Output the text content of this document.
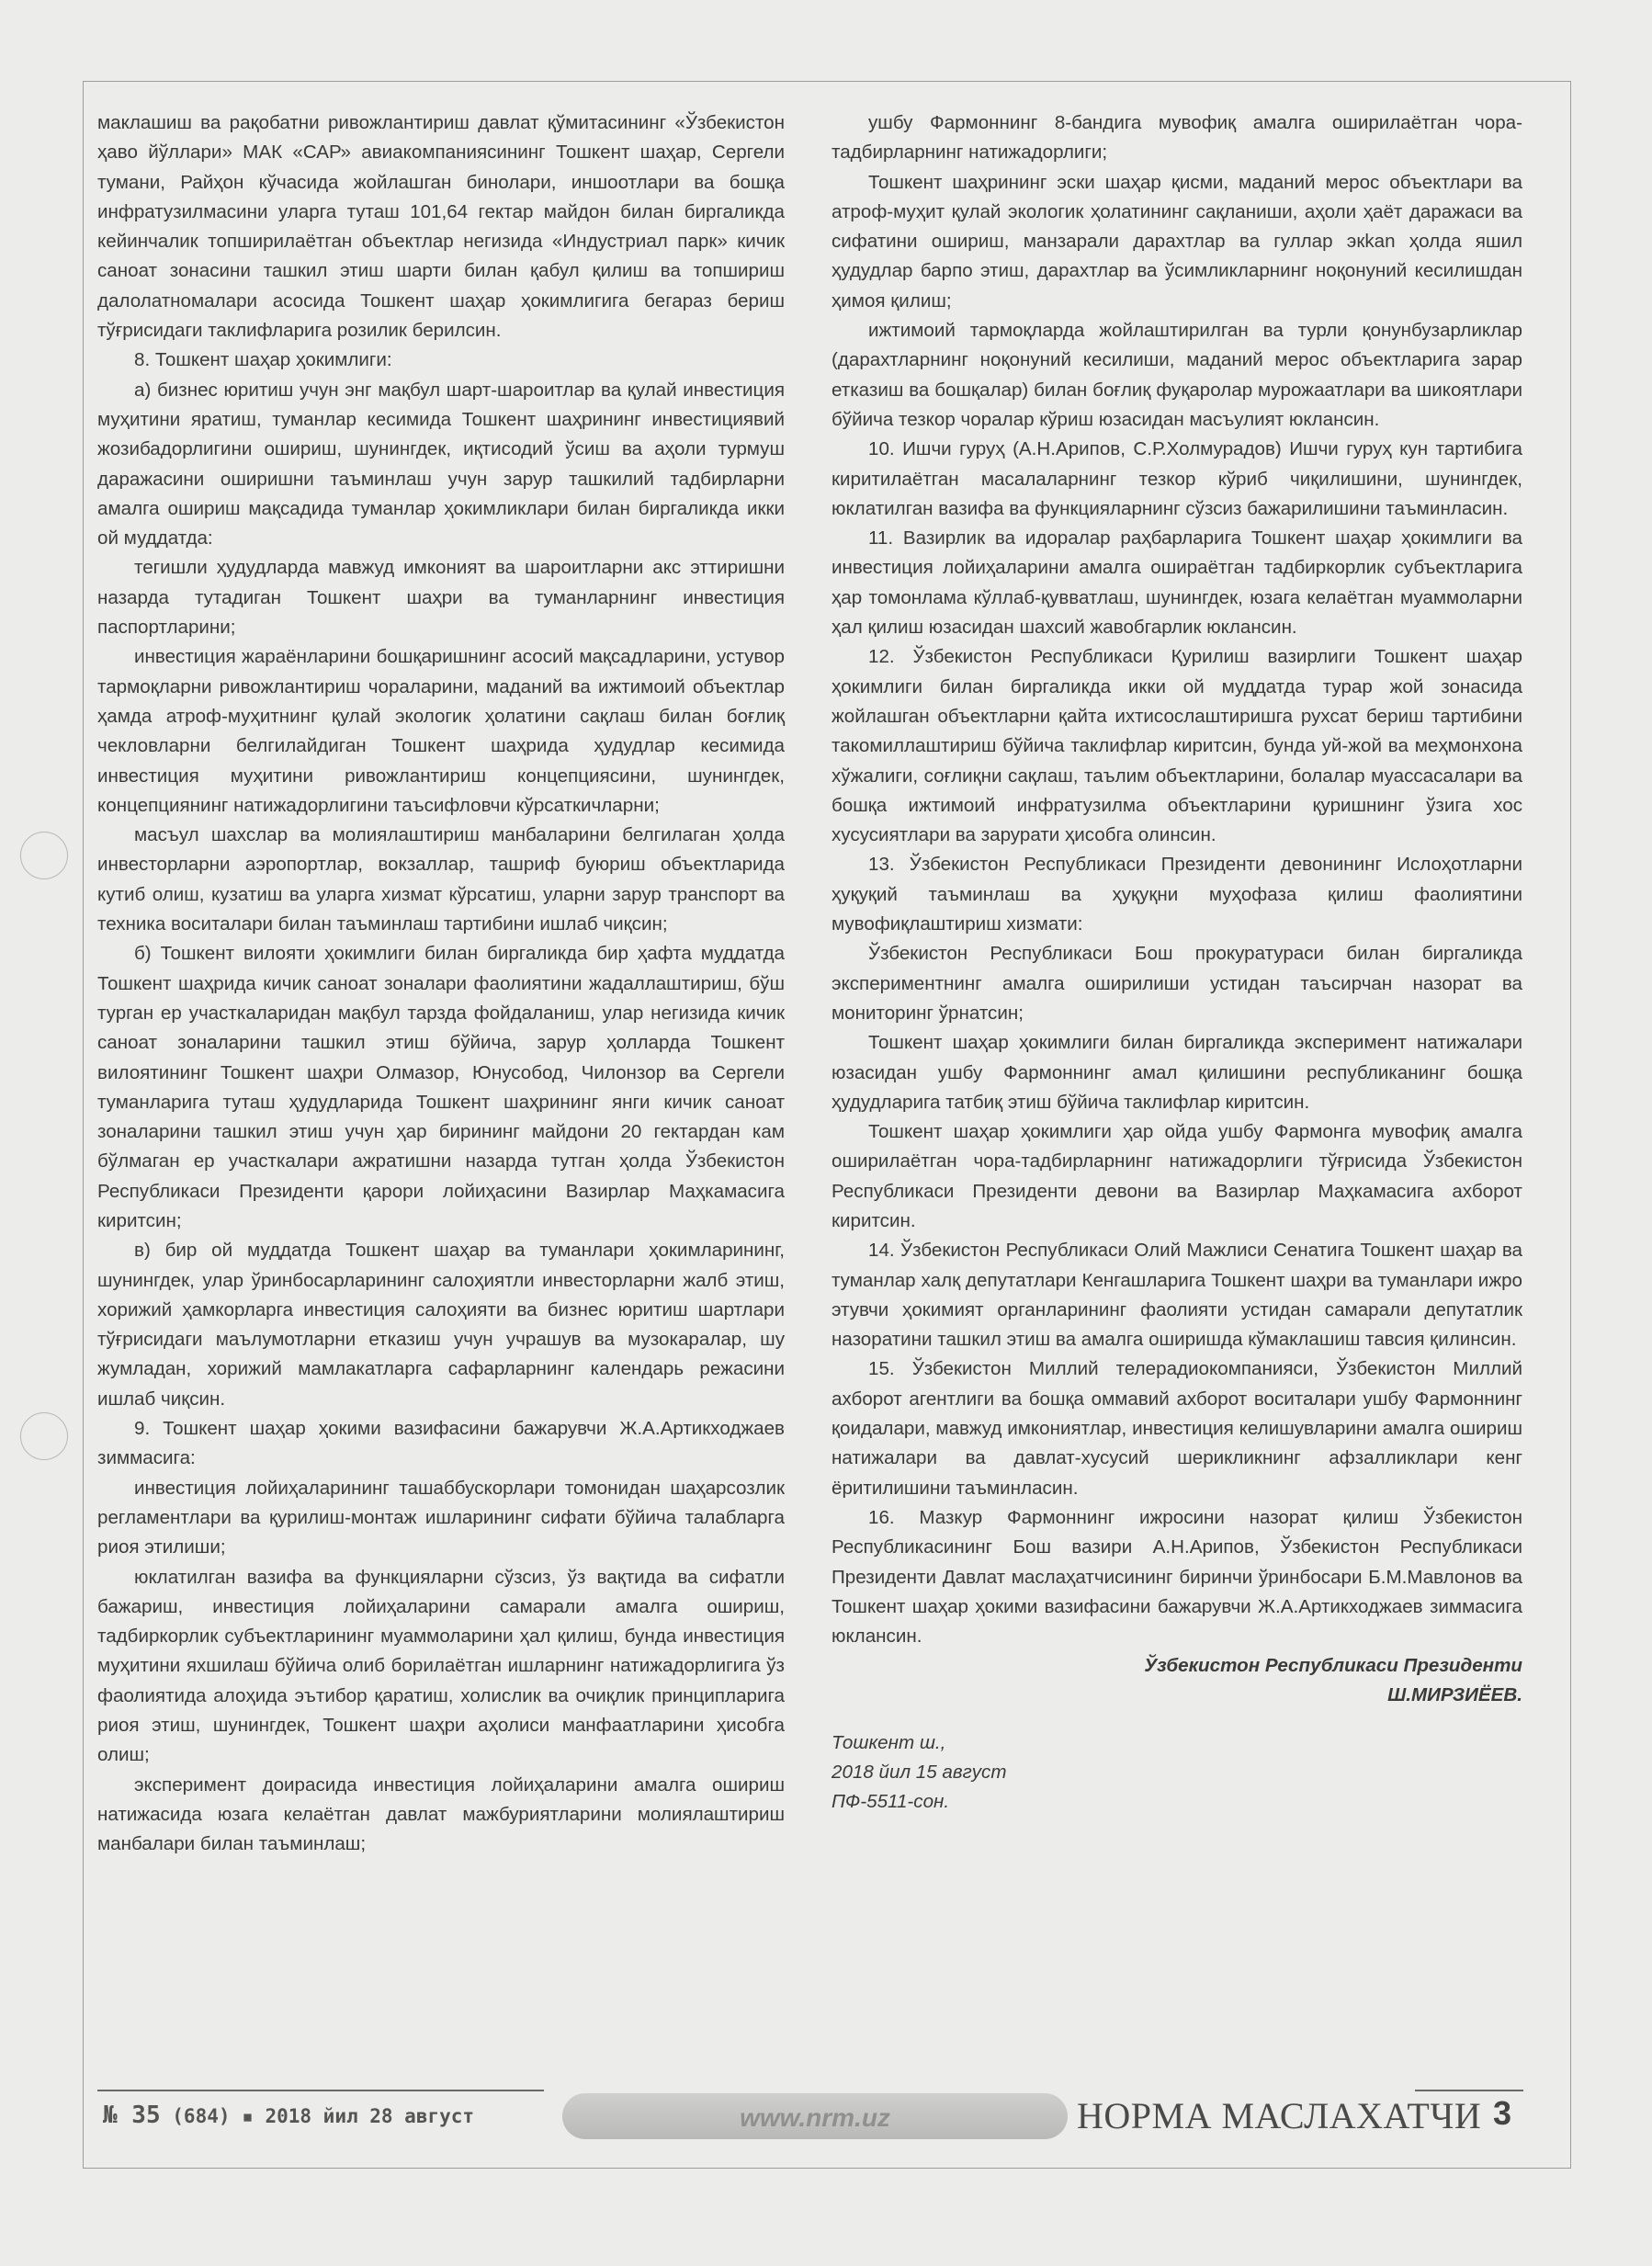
маклашиш ва рақобатни ривожлантириш давлат қўмитасининг «Ўзбекистон ҳаво йўллари» МАК «САР» авиакомпаниясининг Тошкент шаҳар, Сергели тумани, Райҳон кўчасида жойлашган бинолари, иншоотлари ва бошқа инфратузилмасини уларга туташ 101,64 гектар майдон билан биргаликда кейинчалик топширилаётган объектлар негизида «Индустриал парк» кичик саноат зонасини ташкил этиш шарти билан қабул қилиш ва топшириш далолатномалари асосида Тошкент шаҳар ҳокимлигига бегараз бериш тўғрисидаги таклифларига розилик берилсин.

8. Тошкент шаҳар ҳокимлиги:

а) бизнес юритиш учун энг мақбул шарт-шароитлар ва қулай инвестиция муҳитини яратиш, туманлар кесимида Тошкент шаҳрининг инвестициявий жозибадорлигини ошириш, шунингдек, иқтисодий ўсиш ва аҳоли турмуш даражасини оширишни таъминлаш учун зарур ташкилий тадбирларни амалга ошириш мақсадида туманлар ҳокимликлари билан биргаликда икки ой муддатда:

тегишли ҳудудларда мавжуд имконият ва шароитларни акс эттиришни назарда тутадиган Тошкент шаҳри ва туманларнинг инвестиция паспортларини;

инвестиция жараёнларини бошқаришнинг асосий мақсадларини, устувор тармоқларни ривожлантириш чораларини, маданий ва ижтимоий объектлар ҳамда атроф-муҳитнинг қулай экологик ҳолатини сақлаш билан боғлиқ чекловларни белгилайдиган Тошкент шаҳрида ҳудудлар кесимида инвестиция муҳитини ривожлантириш концепциясини, шунингдек, концепциянинг натижадорлигини таъсифловчи кўрсаткичларни;

масъул шахслар ва молиялаштириш манбаларини белгилаган ҳолда инвесторларни аэропортлар, вокзаллар, ташриф буюриш объектларида кутиб олиш, кузатиш ва уларга хизмат кўрсатиш, уларни зарур транспорт ва техника воситалари билан таъминлаш тартибини ишлаб чиқсин;

б) Тошкент вилояти ҳокимлиги билан биргаликда бир ҳафта муддатда Тошкент шаҳрида кичик саноат зоналари фаолиятини жадаллаштириш, бўш турган ер участкаларидан мақбул тарзда фойдаланиш, улар негизида кичик саноат зоналарини ташкил этиш бўйича, зарур ҳолларда Тошкент вилоятининг Тошкент шаҳри Олмазор, Юнусобод, Чилонзор ва Сергели туманларига туташ ҳудудларида Тошкент шаҳрининг янги кичик саноат зоналарини ташкил этиш учун ҳар бирининг майдони 20 гектардан кам бўлмаган ер участкалари ажратишни назарда тутган ҳолда Ўзбекистон Республикаси Президенти қарори лойиҳасини Вазирлар Маҳкамасига киритсин;

в) бир ой муддатда Тошкент шаҳар ва туманлари ҳокимларининг, шунингдек, улар ўринбосарларининг салоҳиятли инвесторларни жалб этиш, хорижий ҳамкорларга инвестиция салоҳияти ва бизнес юритиш шартлари тўғрисидаги маълумотларни етказиш учун учрашув ва музокаралар, шу жумладан, хорижий мамлакатларга сафарларнинг календарь режасини ишлаб чиқсин.

9. Тошкент шаҳар ҳокими вазифасини бажарувчи Ж.А.Артикходжаев зиммасига:

инвестиция лойиҳаларининг ташаббускорлари томонидан шаҳарсозлик регламентлари ва қурилиш-монтаж ишларининг сифати бўйича талабларга риоя этилиши;

юклатилган вазифа ва функцияларни сўзсиз, ўз вақтида ва сифатли бажариш, инвестиция лойиҳаларини самарали амалга ошириш, тадбиркорлик субъектларининг муаммоларини ҳал қилиш, бунда инвестиция муҳитини яхшилаш бўйича олиб борилаётган ишларнинг натижадорлигига ўз фаолиятида алоҳида эътибор қаратиш, холислик ва очиқлик принципларига риоя этиш, шунингдек, Тошкент шаҳри аҳолиси манфаатларини ҳисобга олиш;

эксперимент доирасида инвестиция лойиҳаларини амалга ошириш натижасида юзага келаётган давлат мажбуриятларини молиялаштириш манбалари билан таъминлаш;

ушбу Фармоннинг 8-бандига мувофиқ амалга оширилаётган чора-тадбирларнинг натижадорлиги;

Тошкент шаҳрининг эски шаҳар қисми, маданий мерос объектлари ва атроф-муҳит қулай экологик ҳолатининг сақланиши, аҳоли ҳаёт даражаси ва сифатини ошириш, манзарали дарахтлар ва гуллар экkan ҳолда яшил ҳудудлар барпо этиш, дарахтлар ва ўсимликларнинг ноқонуний кесилишдан ҳимоя қилиш;

ижтимоий тармоқларда жойлаштирилган ва турли қонунбузарликлар (дарахтларнинг ноқонуний кесилиши, маданий мерос объектларига зарар етказиш ва бошқалар) билан боғлиқ фуқаролар мурожаатлари ва шикоятлари бўйича тезкор чоралар кўриш юзасидан масъулият юклансин.

10. Ишчи гуруҳ (А.Н.Арипов, С.Р.Холмурадов) Ишчи гуруҳ кун тартибига киритилаётган масалаларнинг тезкор кўриб чиқилишини, шунингдек, юклатилган вазифа ва функцияларнинг сўзсиз бажарилишини таъминласин.

11. Вазирлик ва идоралар раҳбарларига Тошкент шаҳар ҳокимлиги ва инвестиция лойиҳаларини амалга ошираётган тадбиркорлик субъектларига ҳар томонлама кўллаб-қувватлаш, шунингдек, юзага келаётган муаммоларни ҳал қилиш юзасидан шахсий жавобгарлик юклансин.

12. Ўзбекистон Республикаси Қурилиш вазирлиги Тошкент шаҳар ҳокимлиги билан биргаликда икки ой муддатда турар жой зонасида жойлашган объектларни қайта ихтисослаштиришга рухсат бериш тартибини такомиллаштириш бўйича таклифлар киритсин, бунда уй-жой ва меҳмонхона хўжалиги, соғлиқни сақлаш, таълим объектларини, болалар муассасалари ва бошқа ижтимоий инфратузилма объектларини қуришнинг ўзига хос хусусиятлари ва зарурати ҳисобга олинсин.

13. Ўзбекистон Республикаси Президенти девонининг Ислоҳотларни ҳуқуқий таъминлаш ва ҳуқуқни муҳофаза қилиш фаолиятини мувофиқлаштириш хизмати:

Ўзбекистон Республикаси Бош прокуратураси билан биргаликда экспериментнинг амалга оширилиши устидан таъсирчан назорат ва мониторинг ўрнатсин;

Тошкент шаҳар ҳокимлиги билан биргаликда эксперимент натижалари юзасидан ушбу Фармоннинг амал қилишини республиканинг бошқа ҳудудларига татбиқ этиш бўйича таклифлар киритсин.

Тошкент шаҳар ҳокимлиги ҳар ойда ушбу Фармонга мувофиқ амалга оширилаётган чора-тадбирларнинг натижадорлиги тўғрисида Ўзбекистон Республикаси Президенти девони ва Вазирлар Маҳкамасига ахборот киритсин.

14. Ўзбекистон Республикаси Олий Мажлиси Сенатига Тошкент шаҳар ва туманлар халқ депутатлари Кенгашларига Тошкент шаҳри ва туманлари ижро этувчи ҳокимият органларининг фаолияти устидан самарали депутатлик назоратини ташкил этиш ва амалга оширишда кўмаклашиш тавсия қилинсин.

15. Ўзбекистон Миллий телерадиокомпанияси, Ўзбекистон Миллий ахборот агентлиги ва бошқа оммавий ахборот воситалари ушбу Фармоннинг қоидалари, мавжуд имкониятлар, инвестиция келишувларини амалга ошириш натижалари ва давлат-хусусий шерикликнинг афзалликлари кенг ёритилишини таъминласин.

16. Мазкур Фармоннинг ижросини назорат қилиш Ўзбекистон Республикасининг Бош вазири А.Н.Арипов, Ўзбекистон Республикаси Президенти Давлат маслаҳатчисининг биринчи ўринбосари Б.М.Мавлонов ва Тошкент шаҳар ҳокими вазифасини бажарувчи Ж.А.Артикходжаев зиммасига юклансин.

Ўзбекистон Республикаси Президенти

Ш.МИРЗИЁЕВ.

Тошкент ш.,
2018 йил 15 август
ПФ-5511-сон.
№ 35 (684) ▪ 2018 йил 28 август	www.nrm.uz	НОРМА МАСЛАХАТЧИ 3
